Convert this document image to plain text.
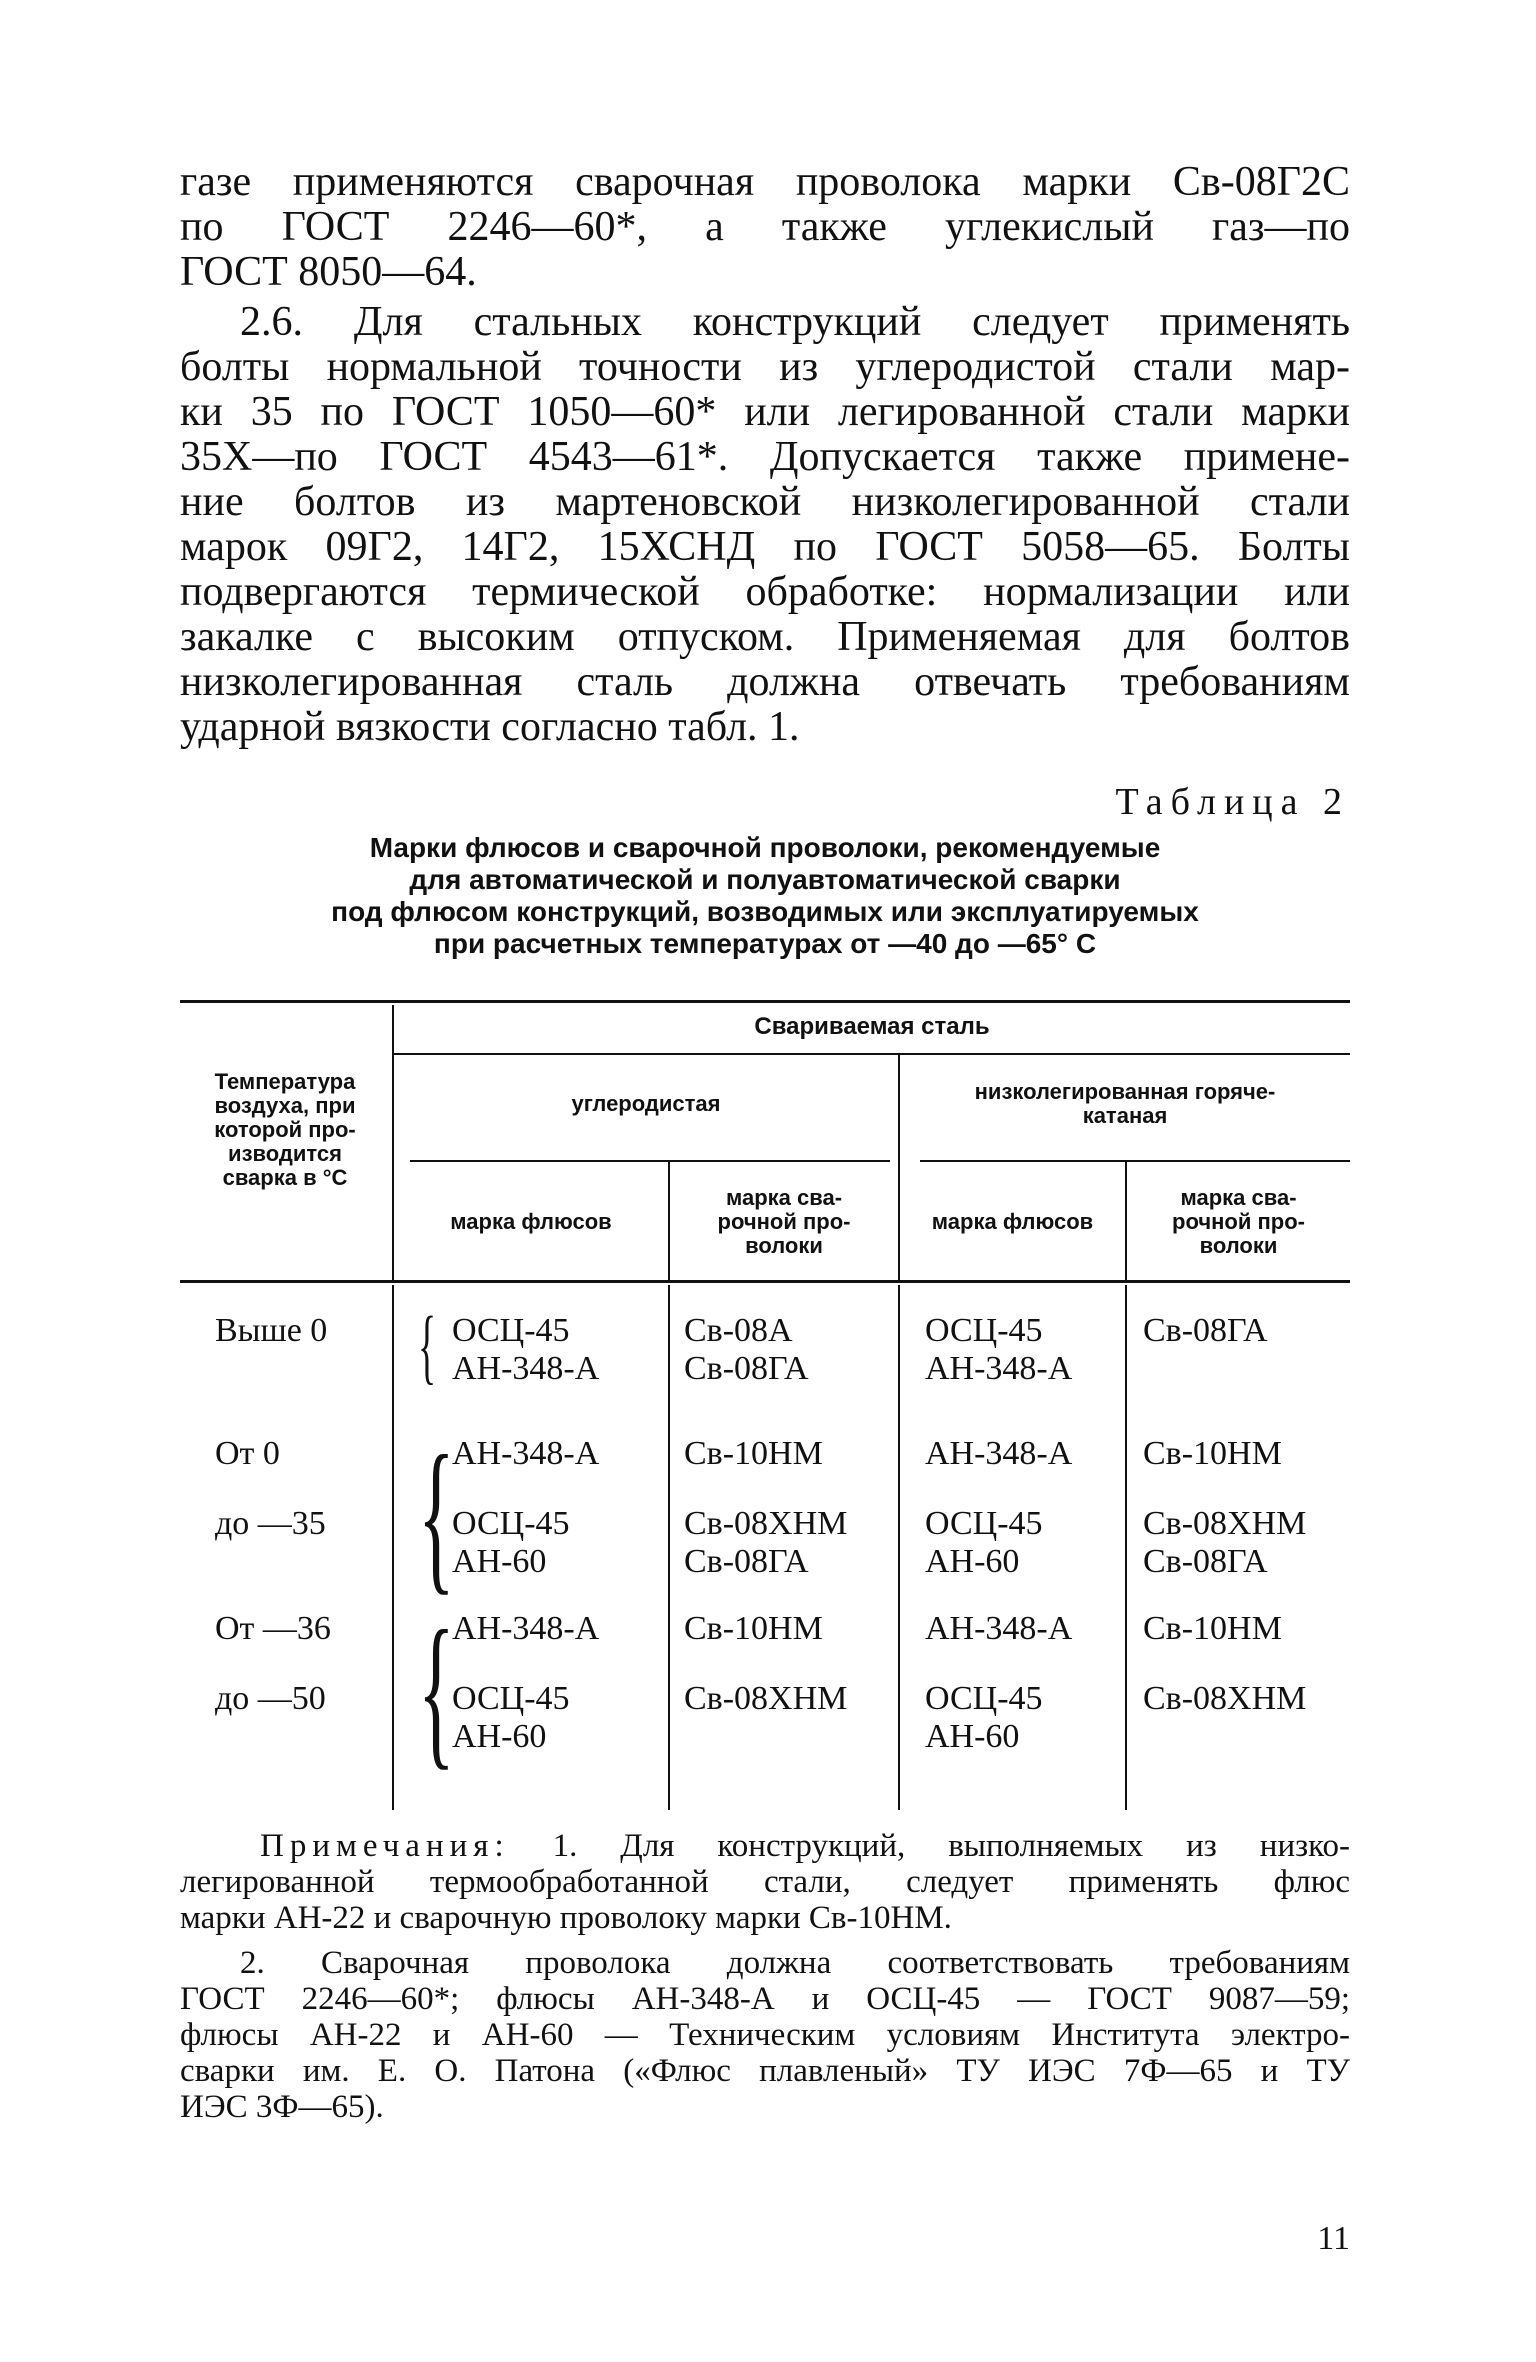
газе применяются сварочная проволока марки Св-08Г2С
по ГОСТ 2246—60*, а также углекислый газ—по
ГОСТ 8050—64.
2.6. Для стальных конструкций следует применять
болты нормальной точности из углеродистой стали мар-
ки 35 по ГОСТ 1050—60* или легированной стали марки
35Х—по ГОСТ 4543—61*. Допускается также примене-
ние болтов из мартеновской низколегированной стали
марок 09Г2, 14Г2, 15ХСНД по ГОСТ 5058—65. Болты
подвергаются термической обработке: нормализации или
закалке с высоким отпуском. Применяемая для болтов
низколегированная сталь должна отвечать требованиям
ударной вязкости согласно табл. 1.
Таблица 2
Марки флюсов и сварочной проволоки, рекомендуемые
для автоматической и полуавтоматической сварки
под флюсом конструкций, возводимых или эксплуатируемых
при расчетных температурах от —40 до —65° С
Температура
воздуха, при
которой про-
изводится
сварка в °С
Свариваемая сталь
углеродистая	низколегированная горяче-
катаная
марка флюсов
марка сва-
рочной про-
волоки
марка флюсов
марка сва-
рочной про-
волоки
Выше 0 { ОСЦ-45
АН-348-А
Св-08А
Св-08ГА
ОСЦ-45
АН-348-А
Св-08ГА
От 0
до —35 {
АН-348-А
ОСЦ-45
АН-60
Св-10НМ
Св-08ХНМ
Св-08ГА
АН-348-А
ОСЦ-45
АН-60
Св-10НМ
Св-08ХНМ
Св-08ГА
От —36
до —50 {
АН-348-А
ОСЦ-45
АН-60
Св-10НМ
Св-08ХНМ
АН-348-А
ОСЦ-45
АН-60
Св-10НМ
Св-08ХНМ
Примечания: 1. Для конструкций, выполняемых из низко-
легированной термообработанной стали, следует применять флюс
марки АН-22 и сварочную проволоку марки Св-10НМ.
2. Сварочная проволока должна соответствовать требованиям
ГОСТ 2246—60*; флюсы АН-348-А и ОСЦ-45 — ГОСТ 9087—59;
флюсы АН-22 и АН-60 — Техническим условиям Института электро-
сварки им. Е. О. Патона («Флюс плавленый» ТУ ИЭС 7Ф—65 и ТУ
ИЭС 3Ф—65).
11
